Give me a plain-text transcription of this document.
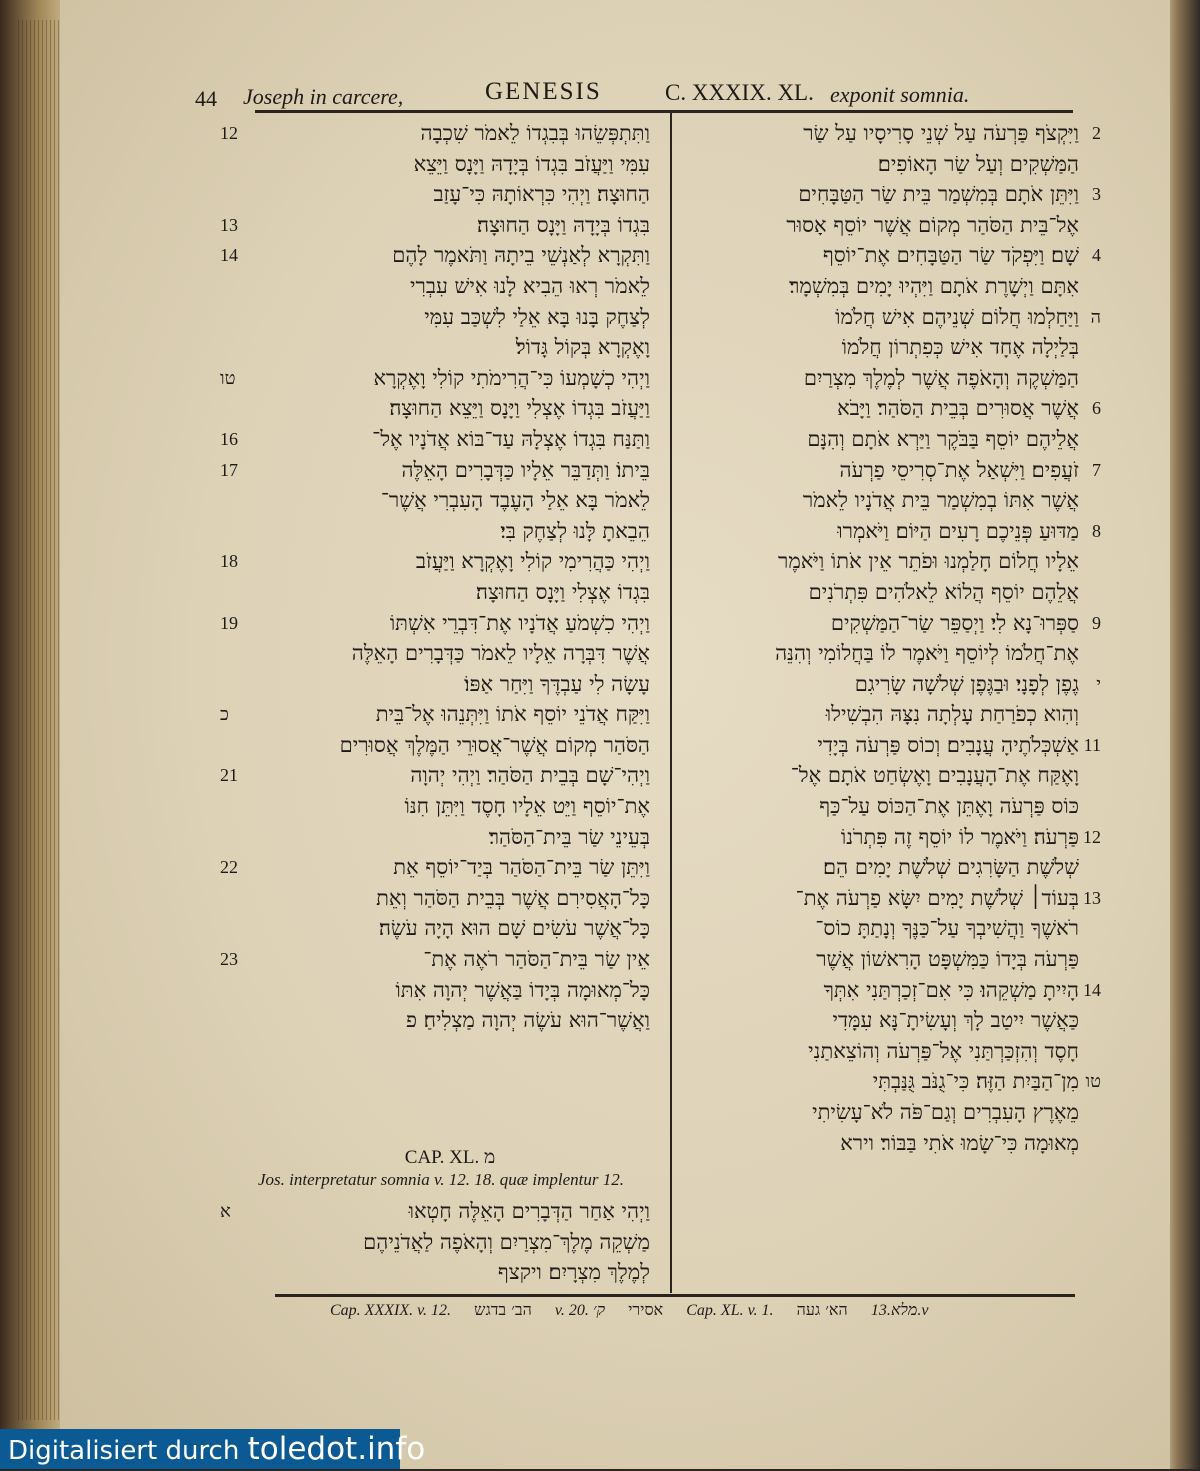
44 Joseph in carcere,	GENESIS	C. XXXIX. XL. exponit somnia.
וַתִּתְפְּשֵׂהוּ בְּבִגְדוֹ לֵאמֹר שִׁכְבָה
12
עִמִּי וַיַּעֲזֹב בִּגְדוֹ בְּיָדָהּ וַיָּנָס וַיֵּצֵא
הַחוּצָה׃ וַיְהִי כִּרְאוֹתָהּ כִּי־עָזַב
בִּגְדוֹ בְּיָדָהּ וַיָּנָס הַחוּצָה׃
13
וַתִּקְרָא לְאַנְשֵׁי בֵיתָהּ וַתֹּאמֶר לָהֶם
14
לֵאמֹר רְאוּ הֵבִיא לָנוּ אִישׁ עִבְרִי
לְצַחֶק בָּנוּ בָּא אֵלַי לִשְׁכַּב עִמִּי
וָאֶקְרָא בְּקוֹל גָּדוֹל׃
וַיְהִי כְשָׁמְעוֹ כִּי־הֲרִימֹתִי קוֹלִי וָאֶקְרָא
טו
וַיַּעֲזֹב בִּגְדוֹ אֶצְלִי וַיָּנָס וַיֵּצֵא הַחוּצָה׃
וַתַּנַּח בִּגְדוֹ אֶצְלָהּ עַד־בּוֹא אֲדֹנָיו אֶל־
16
בֵּיתוֹ׃ וַתְּדַבֵּר אֵלָיו כַּדְּבָרִים הָאֵלֶּה
17
לֵאמֹר בָּא אֵלַי הָעֶבֶד הָעִבְרִי אֲשֶׁר־
הֵבֵאתָ לָּנוּ לְצַחֶק בִּי׃
וַיְהִי כַּהֲרִימִי קוֹלִי וָאֶקְרָא וַיַּעֲזֹב
18
בִּגְדוֹ אֶצְלִי וַיָּנָס הַחוּצָה׃
וַיְהִי כִשְׁמֹעַ אֲדֹנָיו אֶת־דִּבְרֵי אִשְׁתּוֹ
19
אֲשֶׁר דִּבְּרָה אֵלָיו לֵאמֹר כַּדְּבָרִים הָאֵלֶּה
עָשָׂה לִי עַבְדֶּךָ וַיִּחַר אַפּוֹ׃
וַיִּקַּח אֲדֹנֵי יוֹסֵף אֹתוֹ וַיִּתְּנֵהוּ אֶל־בֵּית
כ
הַסֹּהַר מְקוֹם אֲשֶׁר־אֲסוּרֵי הַמֶּלֶךְ אֲסוּרִים
וַיְהִי־שָׁם בְּבֵית הַסֹּהַר׃ וַיְהִי יְהוָה
21
אֶת־יוֹסֵף וַיֵּט אֵלָיו חָסֶד וַיִּתֵּן חִנּוֹ
בְּעֵינֵי שַׂר בֵּית־הַסֹּהַר׃
וַיִּתֵּן שַׂר בֵּית־הַסֹּהַר בְּיַד־יוֹסֵף אֵת
22
כָּל־הָאֲסִירִם אֲשֶׁר בְּבֵית הַסֹּהַר וְאֵת
כָּל־אֲשֶׁר עֹשִׂים שָׁם הוּא הָיָה עֹשֶׂה׃
אֵין שַׂר בֵּית־הַסֹּהַר רֹאֶה אֶת־
23
כָּל־מְאוּמָה בְּיָדוֹ בַּאֲשֶׁר יְהוָה אִתּוֹ
וַאֲשֶׁר־הוּא עֹשֶׂה יְהוָה מַצְלִיחַ׃ פ
וַיִּקְצֹף פַּרְעֹה עַל שְׁנֵי סָרִיסָיו עַל שַׂר 2
הַמַּשְׁקִים וְעַל שַׂר הָאוֹפִים׃
וַיִּתֵּן אֹתָם בְּמִשְׁמַר בֵּית שַׂר הַטַּבָּחִים 3
אֶל־בֵּית הַסֹּהַר מְקוֹם אֲשֶׁר יוֹסֵף אָסוּר
שָׁם׃ וַיִּפְקֹד שַׂר הַטַּבָּחִים אֶת־יוֹסֵף 4
אִתָּם וַיְשָׁרֶת אֹתָם וַיִּהְיוּ יָמִים בְּמִשְׁמָר׃
וַיַּחַלְמוּ חֲלוֹם שְׁנֵיהֶם אִישׁ חֲלֹמוֹ ה
בְּלַיְלָה אֶחָד אִישׁ כְּפִתְרוֹן חֲלֹמוֹ
הַמַּשְׁקֶה וְהָאֹפֶה אֲשֶׁר לְמֶלֶךְ מִצְרַיִם
אֲשֶׁר אֲסוּרִים בְּבֵית הַסֹּהַר׃ וַיָּבֹא 6
אֲלֵיהֶם יוֹסֵף בַּבֹּקֶר וַיַּרְא אֹתָם וְהִנָּם
זֹעֲפִים׃ וַיִּשְׁאַל אֶת־סְרִיסֵי פַרְעֹה 7
אֲשֶׁר אִתּוֹ בְמִשְׁמַר בֵּית אֲדֹנָיו לֵאמֹר
מַדּוּעַ פְּנֵיכֶם רָעִים הַיּוֹם׃ וַיֹּאמְרוּ 8
אֵלָיו חֲלוֹם חָלַמְנוּ וּפֹתֵר אֵין אֹתוֹ וַיֹּאמֶר
אֲלֵהֶם יוֹסֵף הֲלוֹא לֵאלֹהִים פִּתְרֹנִים
סַפְּרוּ־נָא לִי׃ וַיְסַפֵּר שַׂר־הַמַּשְׁקִים 9
אֶת־חֲלֹמוֹ לְיוֹסֵף וַיֹּאמֶר לוֹ בַּחֲלוֹמִי וְהִנֵּה
גֶפֶן לְפָנָי׃ וּבַגֶּפֶן שְׁלֹשָׁה שָׂרִיגִם י
וְהִוא כְפֹרַחַת עָלְתָה נִצָּהּ הִבְשִׁילוּ
אַשְׁכְּלֹתֶיהָ עֲנָבִים׃ וְכוֹס פַּרְעֹה בְּיָדִי 11
וָאֶקַּח אֶת־הָעֲנָבִים וָאֶשְׂחַט אֹתָם אֶל־
כּוֹס פַּרְעֹה וָאֶתֵּן אֶת־הַכּוֹס עַל־כַּף
פַּרְעֹה׃ וַיֹּאמֶר לוֹ יוֹסֵף זֶה פִּתְרֹנוֹ 12
שְׁלֹשֶׁת הַשָּׂרִגִים שְׁלֹשֶׁת יָמִים הֵם׃
בְּעוֹד׀ שְׁלֹשֶׁת יָמִים יִשָּׂא פַרְעֹה אֶת־ 13
רֹאשֶׁךָ וַהֲשִׁיבְךָ עַל־כַּנֶּךָ וְנָתַתָּ כוֹס־
פַּרְעֹה בְּיָדוֹ כַּמִּשְׁפָּט הָרִאשׁוֹן אֲשֶׁר
הָיִיתָ מַשְׁקֵהוּ׃ כִּי אִם־זְכַרְתַּנִי אִתְּךָ 14
כַּאֲשֶׁר יִיטַב לָךְ וְעָשִׂיתָ־נָּא עִמָּדִי
חָסֶד וְהִזְכַּרְתַּנִי אֶל־פַּרְעֹה וְהוֹצֵאתַנִי
מִן־הַבַּיִת הַזֶּה׃ כִּי־גֻנֹּב גֻּנַּבְתִּי טו
מֵאֶרֶץ הָעִבְרִים וְגַם־פֹּה לֹא־עָשִׂיתִי
מְאוּמָה כִּי־שָׂמוּ אֹתִי בַּבּוֹר׃ וירא
CAP. XL. מ
Jos. interpretatur somnia v. 12. 18. quæ implentur 12.
וַיְהִי אַחַר הַדְּבָרִים הָאֵלֶּה חָטְאוּ
א
מַשְׁקֵה מֶלֶךְ־מִצְרַיִם וְהָאֹפֶה לַאֲדֹנֵיהֶם
לְמֶלֶךְ מִצְרָיִם׃ ויקצף
Cap. XXXIX. v. 12. הב׳ בדגש v. 20. ק׳ אסירי Cap. XL. v. 1. הא׳ געה מלא.13.v
Digitalisiert durch toledot.info
